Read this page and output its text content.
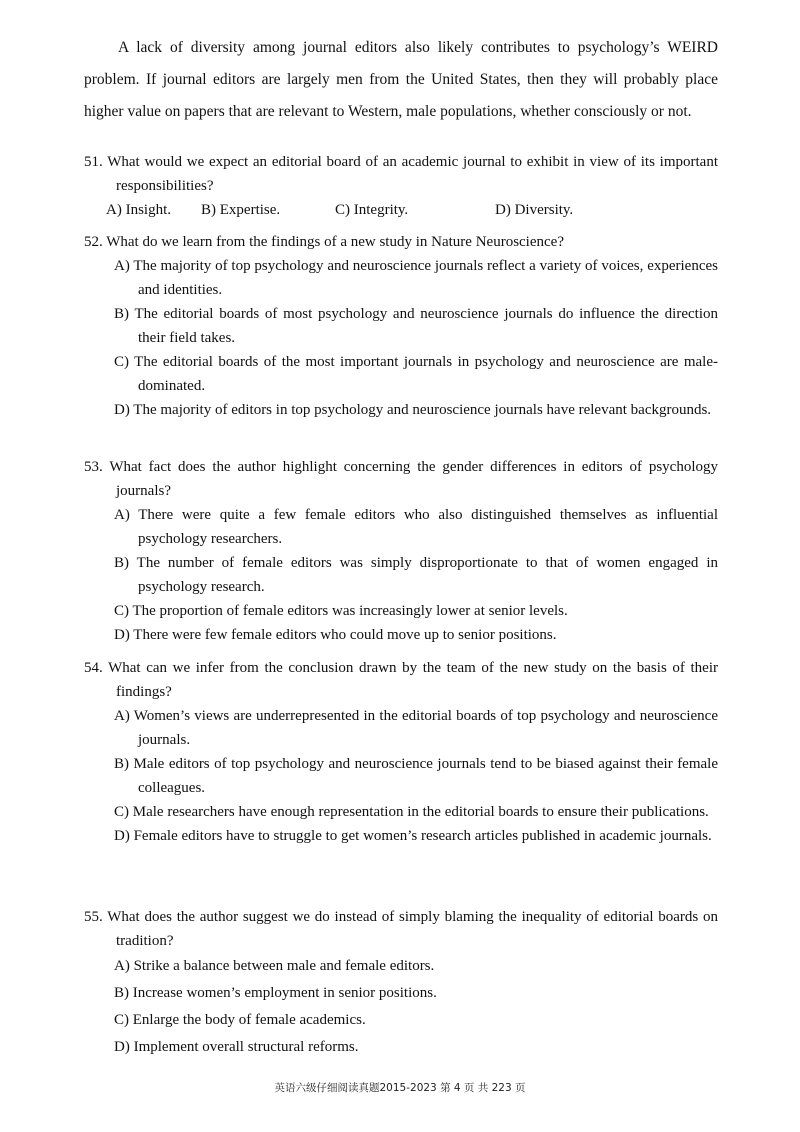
A lack of diversity among journal editors also likely contributes to psychology’s WEIRD
problem. If journal editors are largely men from the United States, then they will probably place
higher value on papers that are relevant to Western, male populations, whether consciously or not.
51. What would we expect an editorial board of an academic journal to exhibit in view of its important responsibilities?
A) Insight. B) Expertise.	C) Integrity.	D) Diversity.
52. What do we learn from the findings of a new study in Nature Neuroscience?
A) The majority of top psychology and neuroscience journals reflect a variety of voices, experiences and identities.
B) The editorial boards of most psychology and neuroscience journals do influence the direction their field takes.
C) The editorial boards of the most important journals in psychology and neuroscience are male-dominated.
D) The majority of editors in top psychology and neuroscience journals have relevant backgrounds.
53. What fact does the author highlight concerning the gender differences in editors of psychology journals?
A) There were quite a few female editors who also distinguished themselves as influential psychology researchers.
B) The number of female editors was simply disproportionate to that of women engaged in psychology research.
C) The proportion of female editors was increasingly lower at senior levels.
D) There were few female editors who could move up to senior positions.
54. What can we infer from the conclusion drawn by the team of the new study on the basis of their findings?
A) Women’s views are underrepresented in the editorial boards of top psychology and neuroscience journals.
B) Male editors of top psychology and neuroscience journals tend to be biased against their female colleagues.
C) Male researchers have enough representation in the editorial boards to ensure their publications.
D) Female editors have to struggle to get women’s research articles published in academic journals.
55. What does the author suggest we do instead of simply blaming the inequality of editorial boards on tradition?
A) Strike a balance between male and female editors.
B) Increase women’s employment in senior positions.
C) Enlarge the body of female academics.
D) Implement overall structural reforms.
英语六级仔细阅读真题2015-2023 第 4 页 共 223 页
